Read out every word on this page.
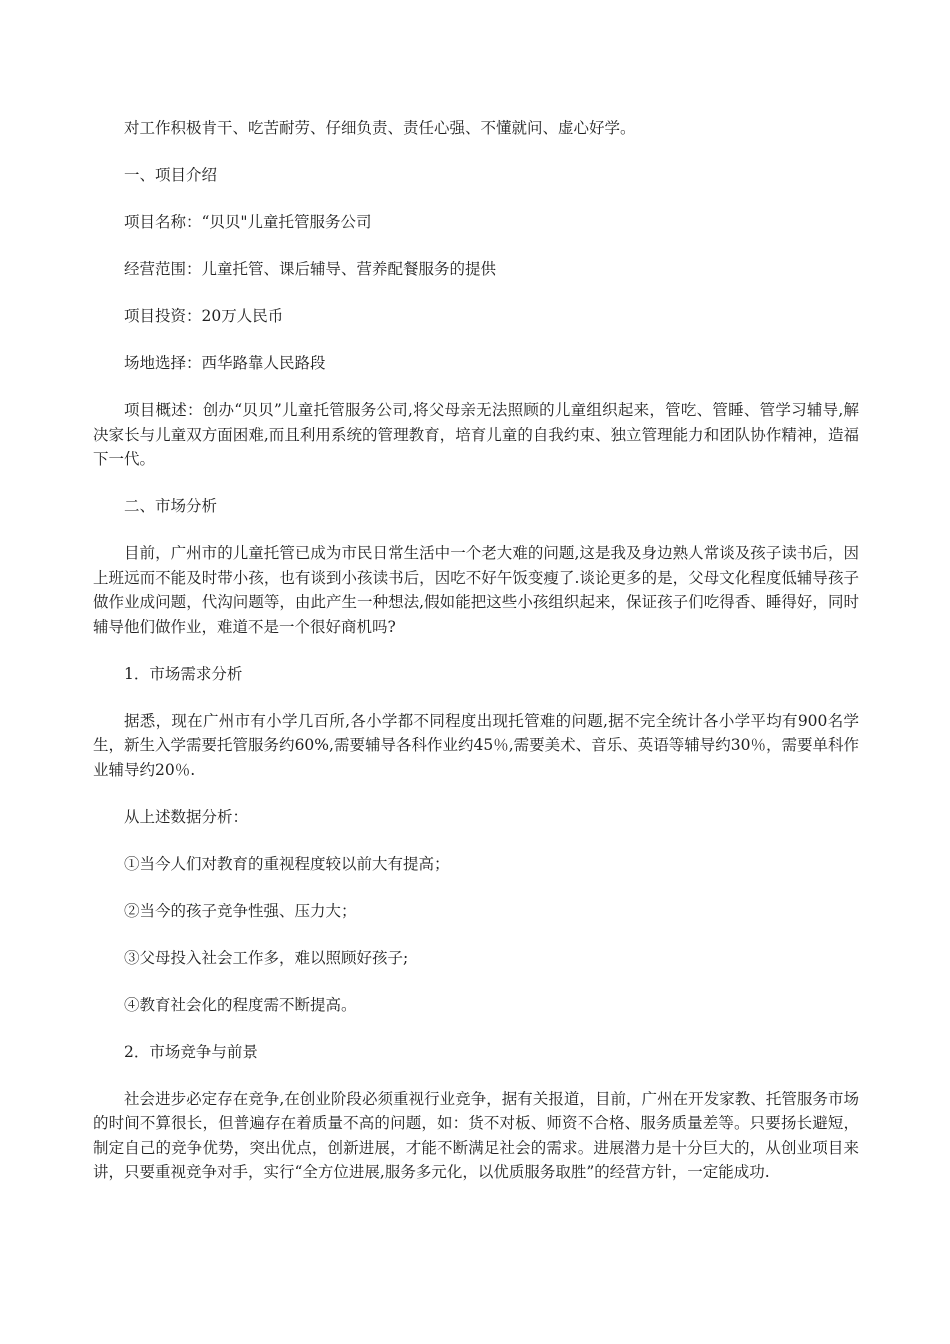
对工作积极肯干、吃苦耐劳、仔细负责、责任心强、不懂就问、虚心好学。

一、项目介绍

项目名称：“贝贝"儿童托管服务公司

经营范围：儿童托管、课后辅导、营养配餐服务的提供

项目投资：20万人民币

场地选择：西华路靠人民路段

项目概述：创办“贝贝”儿童托管服务公司,将父母亲无法照顾的儿童组织起来，管吃、管睡、管学习辅导,解决家长与儿童双方面困难,而且利用系统的管理教育，培育儿童的自我约束、独立管理能力和团队协作精神，造福下一代。

二、市场分析

目前，广州市的儿童托管已成为市民日常生活中一个老大难的问题,这是我及身边熟人常谈及孩子读书后，因上班远而不能及时带小孩，也有谈到小孩读书后，因吃不好午饭变瘦了.谈论更多的是，父母文化程度低辅导孩子做作业成问题，代沟问题等，由此产生一种想法,假如能把这些小孩组织起来，保证孩子们吃得香、睡得好，同时辅导他们做作业，难道不是一个很好商机吗?

1．市场需求分析

据悉，现在广州市有小学几百所,各小学都不同程度出现托管难的问题,据不完全统计各小学平均有900名学生，新生入学需要托管服务约60%,需要辅导各科作业约45％,需要美术、音乐、英语等辅导约30％，需要单科作业辅导约20％.

从上述数据分析：

①当今人们对教育的重视程度较以前大有提高；

②当今的孩子竞争性强、压力大；

③父母投入社会工作多，难以照顾好孩子;

④教育社会化的程度需不断提高。

2．市场竞争与前景

社会进步必定存在竞争,在创业阶段必须重视行业竞争，据有关报道，目前，广州在开发家教、托管服务市场的时间不算很长，但普遍存在着质量不高的问题，如：货不对板、师资不合格、服务质量差等。只要扬长避短，制定自己的竞争优势，突出优点，创新进展，才能不断满足社会的需求。进展潜力是十分巨大的，从创业项目来讲，只要重视竞争对手，实行“全方位进展,服务多元化，以优质服务取胜”的经营方针，一定能成功.
